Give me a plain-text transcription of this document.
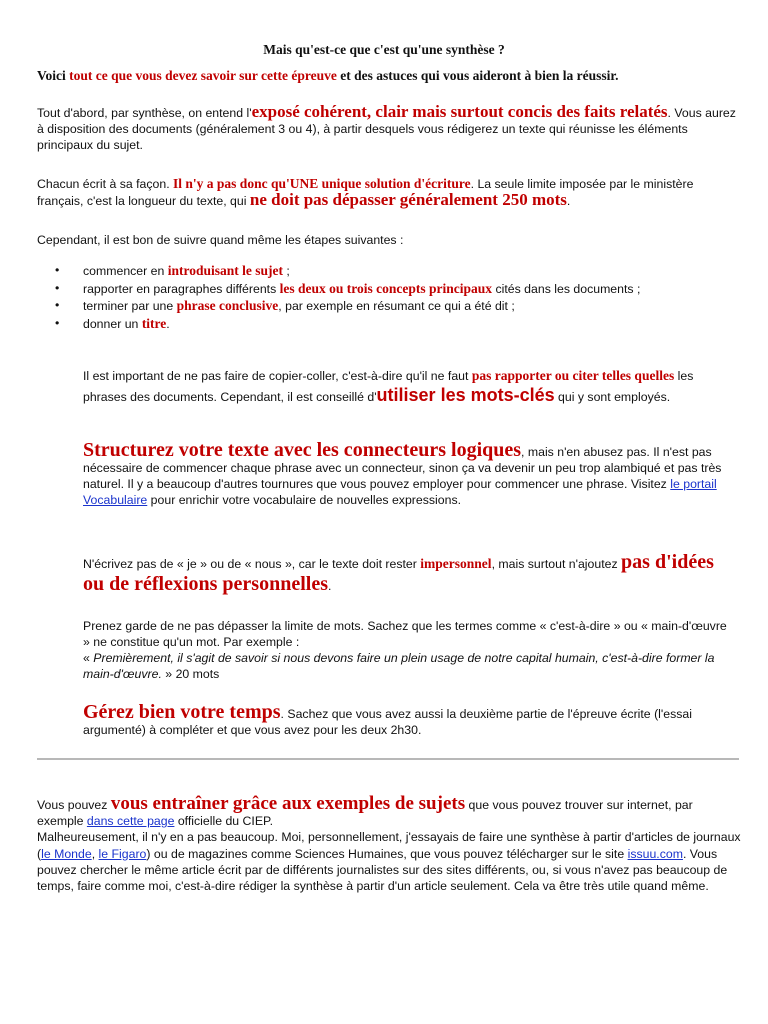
Mais qu'est-ce que c'est qu'une synthèse ?
Voici tout ce que vous devez savoir sur cette épreuve et des astuces qui vous aideront à bien la réussir.
Tout d'abord, par synthèse, on entend l'exposé cohérent, clair mais surtout concis des faits relatés. Vous aurez à disposition des documents (généralement 3 ou 4), à partir desquels vous rédigerez un texte qui réunisse les éléments principaux du sujet.
Chacun écrit à sa façon. Il n'y a pas donc qu'UNE unique solution d'écriture. La seule limite imposée par le ministère français, c'est la longueur du texte, qui ne doit pas dépasser généralement 250 mots.
Cependant, il est bon de suivre quand même les étapes suivantes :
• commencer en introduisant le sujet ;
• rapporter en paragraphes différents les deux ou trois concepts principaux cités dans les documents ;
• terminer par une phrase conclusive, par exemple en résumant ce qui a été dit ;
• donner un titre.
Il est important de ne pas faire de copier-coller, c'est-à-dire qu'il ne faut pas rapporter ou citer telles quelles les phrases des documents. Cependant, il est conseillé d'utiliser les mots-clés qui y sont employés.
Structurez votre texte avec les connecteurs logiques, mais n'en abusez pas. Il n'est pas nécessaire de commencer chaque phrase avec un connecteur, sinon ça va devenir un peu trop alambiqué et pas très naturel. Il y a beaucoup d'autres tournures que vous pouvez employer pour commencer une phrase. Visitez le portail Vocabulaire pour enrichir votre vocabulaire de nouvelles expressions.
N'écrivez pas de « je » ou de « nous », car le texte doit rester impersonnel, mais surtout n'ajoutez pas d'idées ou de réflexions personnelles.
Prenez garde de ne pas dépasser la limite de mots. Sachez que les termes comme « c'est-à-dire » ou « main-d'œuvre » ne constitue qu'un mot. Par exemple :
« Premièrement, il s'agit de savoir si nous devons faire un plein usage de notre capital humain, c'est-à-dire former la main-d'œuvre. » 20 mots
Gérez bien votre temps. Sachez que vous avez aussi la deuxième partie de l'épreuve écrite (l'essai argumenté) à compléter et que vous avez pour les deux 2h30.
Vous pouvez vous entraîner grâce aux exemples de sujets que vous pouvez trouver sur internet, par exemple dans cette page officielle du CIEP.
Malheureusement, il n'y en a pas beaucoup. Moi, personnellement, j'essayais de faire une synthèse à partir d'articles de journaux (le Monde, le Figaro) ou de magazines comme Sciences Humaines, que vous pouvez télécharger sur le site issuu.com. Vous pouvez chercher le même article écrit par de différents journalistes sur des sites différents, ou, si vous n'avez pas beaucoup de temps, faire comme moi, c'est-à-dire rédiger la synthèse à partir d'un article seulement. Cela va être très utile quand même.
